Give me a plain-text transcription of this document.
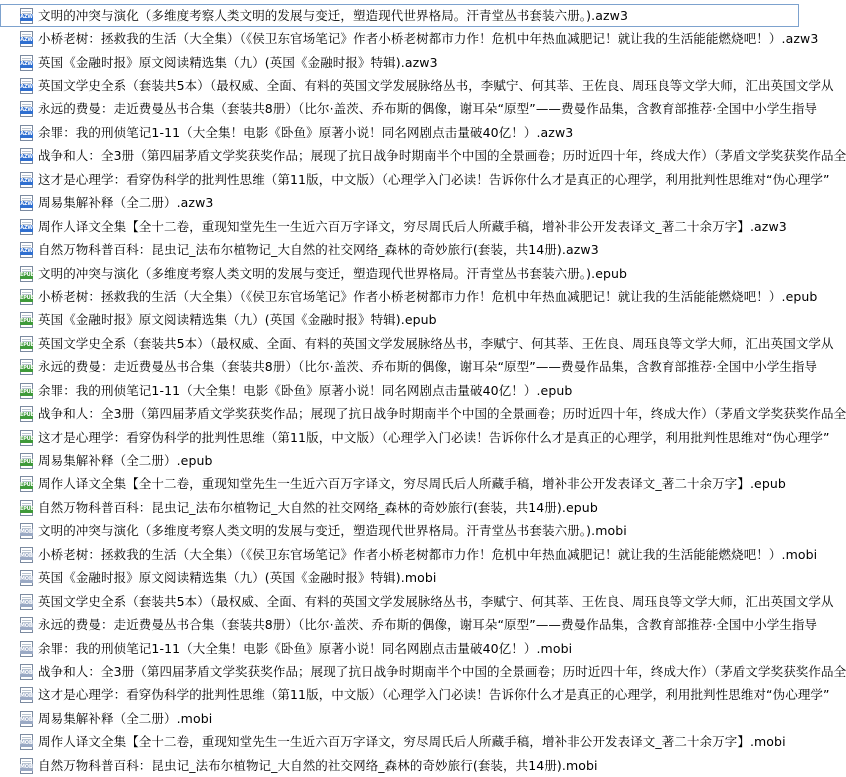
AZW 文明的冲突与演化（多维度考察人类文明的发展与变迁，塑造现代世界格局。汗青堂丛书套装六册。).azw3
AZW 小桥老树：拯救我的生活（大全集）（《侯卫东官场笔记》作者小桥老树都市力作！危机中年热血减肥记！就让我的生活能能燃烧吧！）.azw3
AZW 英国《金融时报》原文阅读精选集（九）(英国《金融时报》特辑).azw3
AZW 英国文学史全系（套装共5本）（最权威、全面、有料的英国文学发展脉络丛书，李赋宁、何其莘、王佐良、周珏良等文学大师，汇出英国文学从
AZW 永远的费曼：走近费曼丛书合集（套装共8册）（比尔·盖茨、乔布斯的偶像，谢耳朵“原型”——费曼作品集，含教育部推荐·全国中小学生指导
AZW 余罪：我的刑侦笔记1-11（大全集！电影《卧鱼》原著小说！同名网剧点击量破40亿！）.azw3
AZW 战争和人：全3册（第四届茅盾文学奖获奖作品；展现了抗日战争时期南半个中国的全景画卷；历时近四十年，终成大作）（茅盾文学奖获奖作品全
AZW 这才是心理学：看穿伪科学的批判性思维（第11版，中文版）（心理学入门必读！告诉你什么才是真正的心理学，利用批判性思维对“伪心理学”
AZW 周易集解补释（全二册）.azw3
AZW 周作人译文全集【全十二卷，重现知堂先生一生近六百万字译文，穷尽周氏后人所藏手稿，增补非公开发表译文_著二十余万字】.azw3
AZW 自然万物科普百科：昆虫记_法布尔植物记_大自然的社交网络_森林的奇妙旅行(套装，共14册).azw3
EPUB 文明的冲突与演化（多维度考察人类文明的发展与变迁，塑造现代世界格局。汗青堂丛书套装六册。).epub
EPUB 小桥老树：拯救我的生活（大全集）（《侯卫东官场笔记》作者小桥老树都市力作！危机中年热血减肥记！就让我的生活能能燃烧吧！）.epub
EPUB 英国《金融时报》原文阅读精选集（九）(英国《金融时报》特辑).epub
EPUB 英国文学史全系（套装共5本）（最权威、全面、有料的英国文学发展脉络丛书，李赋宁、何其莘、王佐良、周珏良等文学大师，汇出英国文学从
EPUB 永远的费曼：走近费曼丛书合集（套装共8册）（比尔·盖茨、乔布斯的偶像，谢耳朵“原型”——费曼作品集，含教育部推荐·全国中小学生指导
EPUB 余罪：我的刑侦笔记1-11（大全集！电影《卧鱼》原著小说！同名网剧点击量破40亿！）.epub
EPUB 战争和人：全3册（第四届茅盾文学奖获奖作品；展现了抗日战争时期南半个中国的全景画卷；历时近四十年，终成大作）（茅盾文学奖获奖作品全
EPUB 这才是心理学：看穿伪科学的批判性思维（第11版，中文版）（心理学入门必读！告诉你什么才是真正的心理学，利用批判性思维对“伪心理学”
EPUB 周易集解补释（全二册）.epub
EPUB 周作人译文全集【全十二卷，重现知堂先生一生近六百万字译文，穷尽周氏后人所藏手稿，增补非公开发表译文_著二十余万字】.epub
EPUB 自然万物科普百科：昆虫记_法布尔植物记_大自然的社交网络_森林的奇妙旅行(套装，共14册).epub
MOBI 文明的冲突与演化（多维度考察人类文明的发展与变迁，塑造现代世界格局。汗青堂丛书套装六册。).mobi
MOBI 小桥老树：拯救我的生活（大全集）（《侯卫东官场笔记》作者小桥老树都市力作！危机中年热血减肥记！就让我的生活能能燃烧吧！）.mobi
MOBI 英国《金融时报》原文阅读精选集（九）(英国《金融时报》特辑).mobi
MOBI 英国文学史全系（套装共5本）（最权威、全面、有料的英国文学发展脉络丛书，李赋宁、何其莘、王佐良、周珏良等文学大师，汇出英国文学从
MOBI 永远的费曼：走近费曼丛书合集（套装共8册）（比尔·盖茨、乔布斯的偶像，谢耳朵“原型”——费曼作品集，含教育部推荐·全国中小学生指导
MOBI 余罪：我的刑侦笔记1-11（大全集！电影《卧鱼》原著小说！同名网剧点击量破40亿！）.mobi
MOBI 战争和人：全3册（第四届茅盾文学奖获奖作品；展现了抗日战争时期南半个中国的全景画卷；历时近四十年，终成大作）（茅盾文学奖获奖作品全
MOBI 这才是心理学：看穿伪科学的批判性思维（第11版，中文版）（心理学入门必读！告诉你什么才是真正的心理学，利用批判性思维对“伪心理学”
MOBI 周易集解补释（全二册）.mobi
MOBI 周作人译文全集【全十二卷，重现知堂先生一生近六百万字译文，穷尽周氏后人所藏手稿，增补非公开发表译文_著二十余万字】.mobi
MOBI 自然万物科普百科：昆虫记_法布尔植物记_大自然的社交网络_森林的奇妙旅行(套装，共14册).mobi
